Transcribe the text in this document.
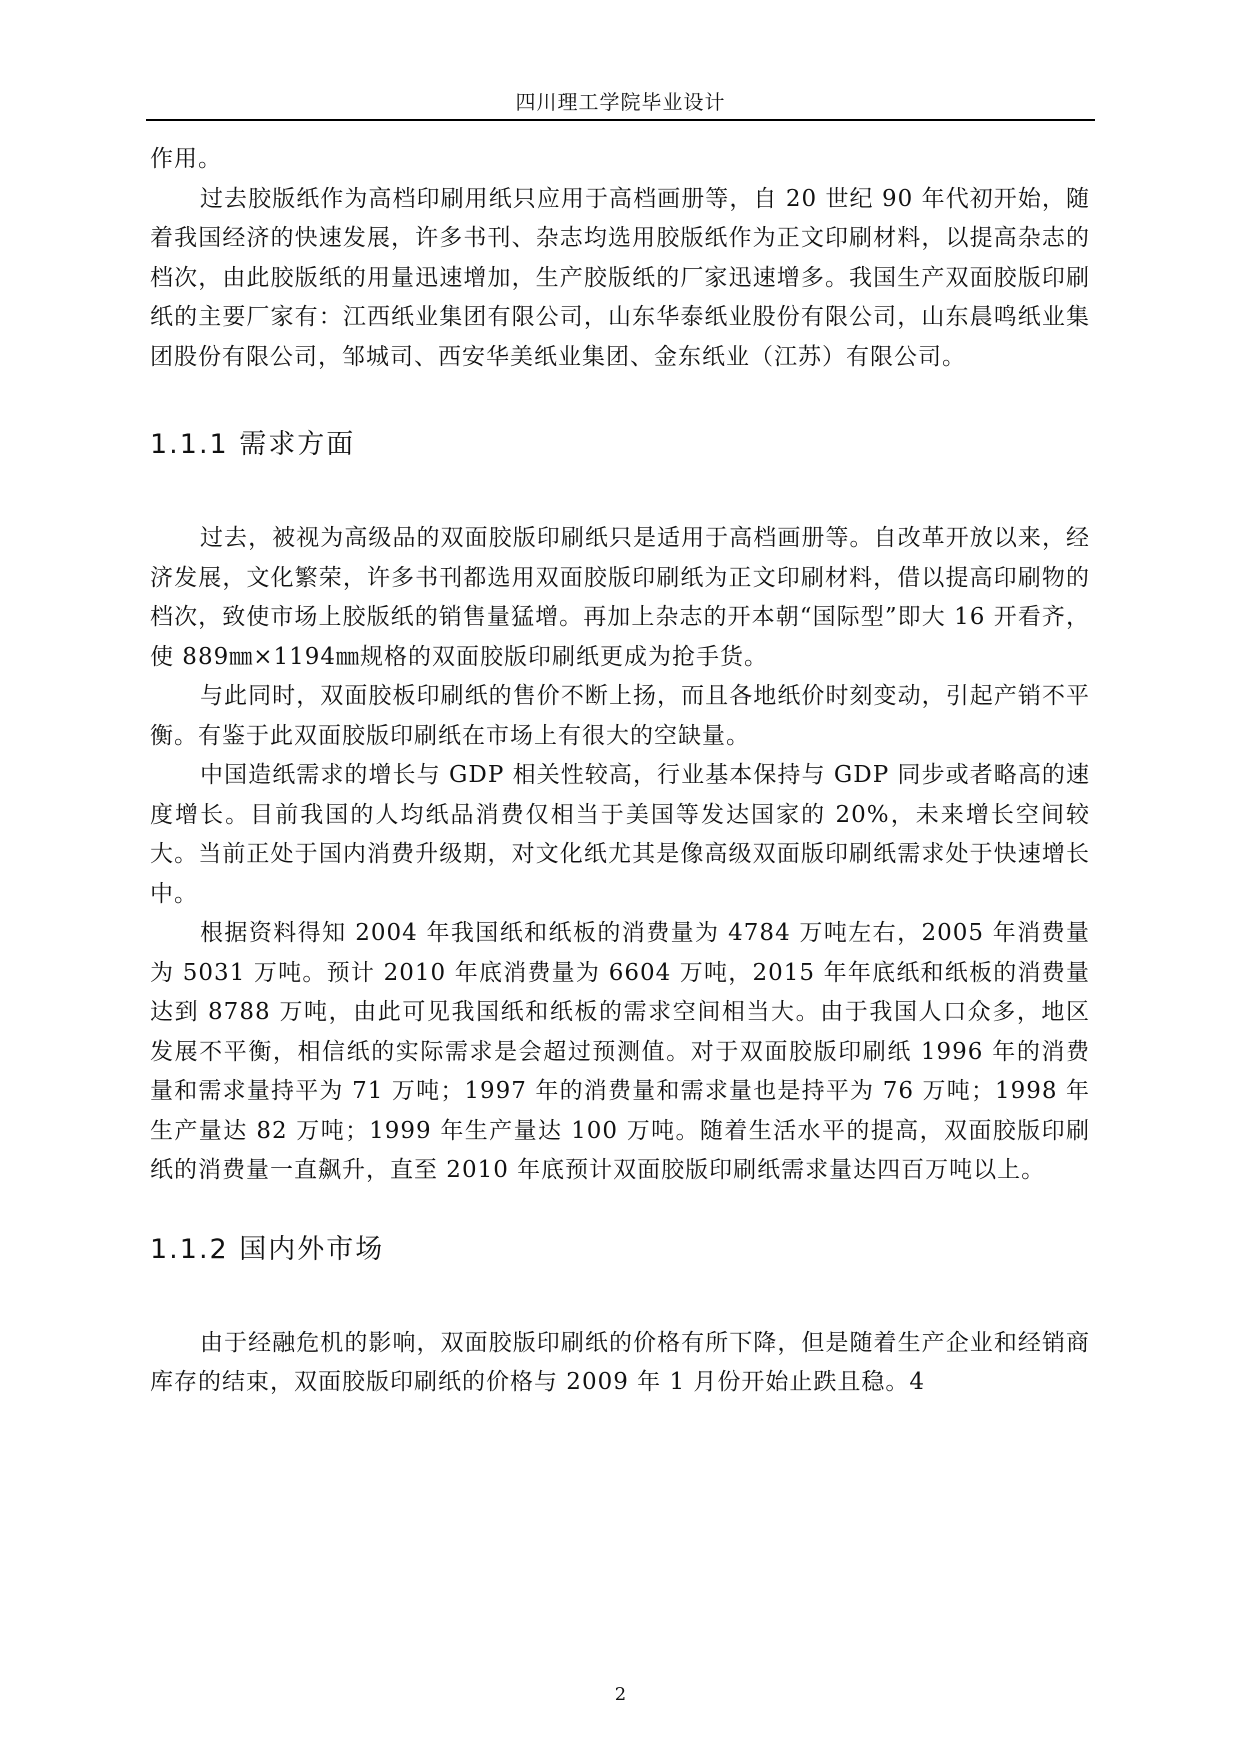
四川理工学院毕业设计

作用。

过去胶版纸作为高档印刷用纸只应用于高档画册等，自 20 世纪 90 年代初开始，随着我国经济的快速发展，许多书刊、杂志均选用胶版纸作为正文印刷材料，以提高杂志的档次，由此胶版纸的用量迅速增加，生产胶版纸的厂家迅速增多。我国生产双面胶版印刷纸的主要厂家有：江西纸业集团有限公司，山东华泰纸业股份有限公司，山东晨鸣纸业集团股份有限公司，邹城司、西安华美纸业集团、金东纸业（江苏）有限公司。

1.1.1 需求方面

过去，被视为高级品的双面胶版印刷纸只是适用于高档画册等。自改革开放以来，经济发展，文化繁荣，许多书刊都选用双面胶版印刷纸为正文印刷材料，借以提高印刷物的档次，致使市场上胶版纸的销售量猛增。再加上杂志的开本朝“国际型”即大 16 开看齐，使 889㎜×1194㎜规格的双面胶版印刷纸更成为抢手货。

与此同时，双面胶板印刷纸的售价不断上扬，而且各地纸价时刻变动，引起产销不平衡。有鉴于此双面胶版印刷纸在市场上有很大的空缺量。

中国造纸需求的增长与 GDP 相关性较高，行业基本保持与 GDP 同步或者略高的速度增长。目前我国的人均纸品消费仅相当于美国等发达国家的 20%，未来增长空间较大。当前正处于国内消费升级期，对文化纸尤其是像高级双面版印刷纸需求处于快速增长中。

根据资料得知 2004 年我国纸和纸板的消费量为 4784 万吨左右，2005 年消费量为 5031 万吨。预计 2010 年底消费量为 6604 万吨，2015 年年底纸和纸板的消费量达到 8788 万吨，由此可见我国纸和纸板的需求空间相当大。由于我国人口众多，地区发展不平衡，相信纸的实际需求是会超过预测值。对于双面胶版印刷纸 1996 年的消费量和需求量持平为 71 万吨；1997 年的消费量和需求量也是持平为 76 万吨；1998 年生产量达 82 万吨；1999 年生产量达 100 万吨。随着生活水平的提高，双面胶版印刷纸的消费量一直飙升，直至 2010 年底预计双面胶版印刷纸需求量达四百万吨以上。

1.1.2 国内外市场

由于经融危机的影响，双面胶版印刷纸的价格有所下降，但是随着生产企业和经销商库存的结束，双面胶版印刷纸的价格与 2009 年 1 月份开始止跌且稳。4

2
